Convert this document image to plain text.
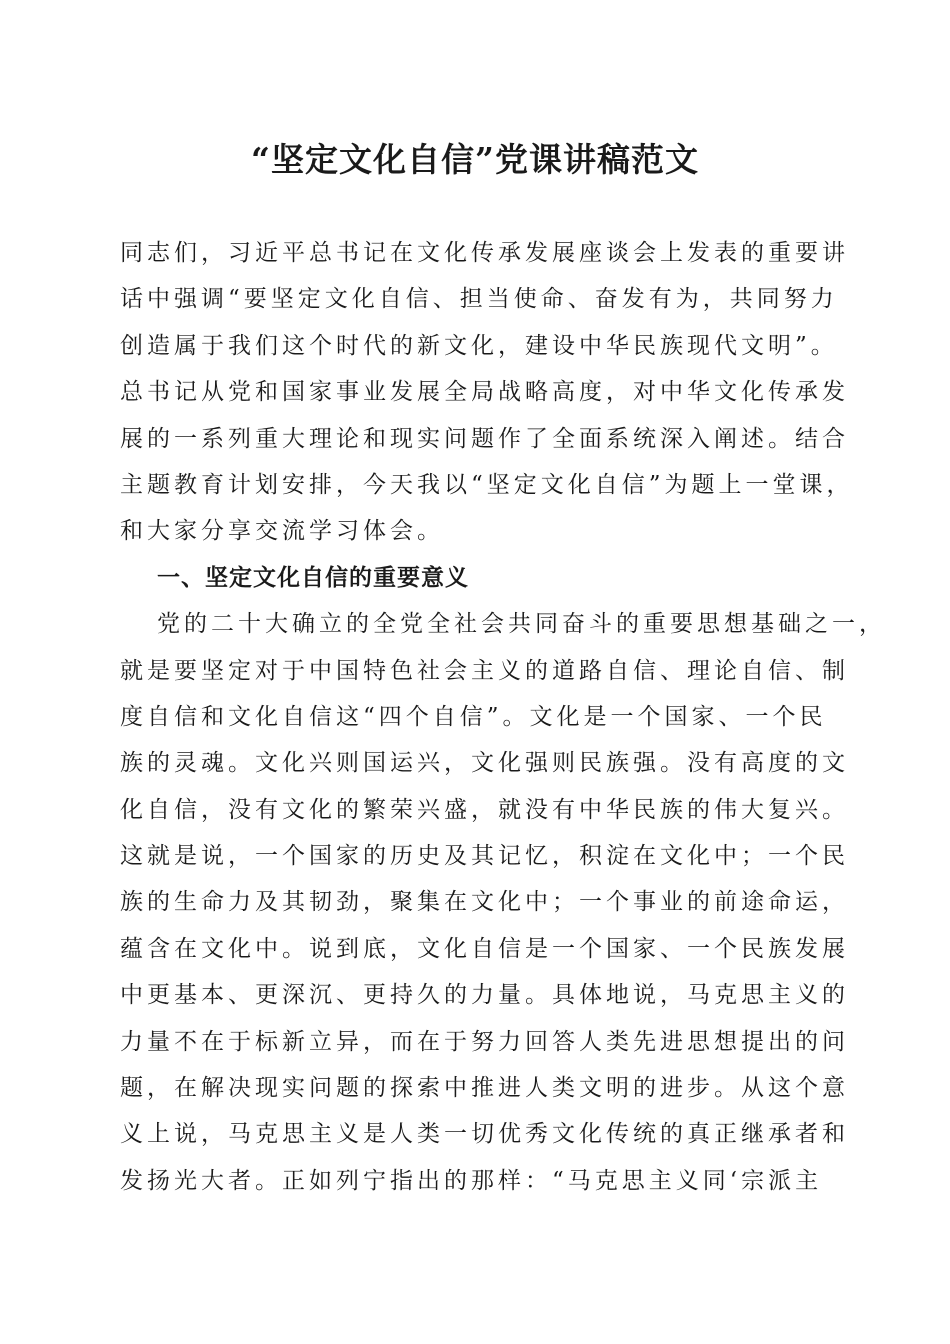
“坚定文化自信”党课讲稿范文
同志们，习近平总书记在文化传承发展座谈会上发表的重要讲
话中强调“要坚定文化自信、担当使命、奋发有为，共同努力
创造属于我们这个时代的新文化，建设中华民族现代文明”。
总书记从党和国家事业发展全局战略高度，对中华文化传承发
展的一系列重大理论和现实问题作了全面系统深入阐述。结合
主题教育计划安排，今天我以“坚定文化自信”为题上一堂课，
和大家分享交流学习体会。
一、坚定文化自信的重要意义
党的二十大确立的全党全社会共同奋斗的重要思想基础之一，
就是要坚定对于中国特色社会主义的道路自信、理论自信、制
度自信和文化自信这“四个自信”。文化是一个国家、一个民
族的灵魂。文化兴则国运兴，文化强则民族强。没有高度的文
化自信，没有文化的繁荣兴盛，就没有中华民族的伟大复兴。
这就是说，一个国家的历史及其记忆，积淀在文化中；一个民
族的生命力及其韧劲，聚集在文化中；一个事业的前途命运，
蕴含在文化中。说到底，文化自信是一个国家、一个民族发展
中更基本、更深沉、更持久的力量。具体地说，马克思主义的
力量不在于标新立异，而在于努力回答人类先进思想提出的问
题，在解决现实问题的探索中推进人类文明的进步。从这个意
义上说，马克思主义是人类一切优秀文化传统的真正继承者和
发扬光大者。正如列宁指出的那样：“马克思主义同‘宗派主
